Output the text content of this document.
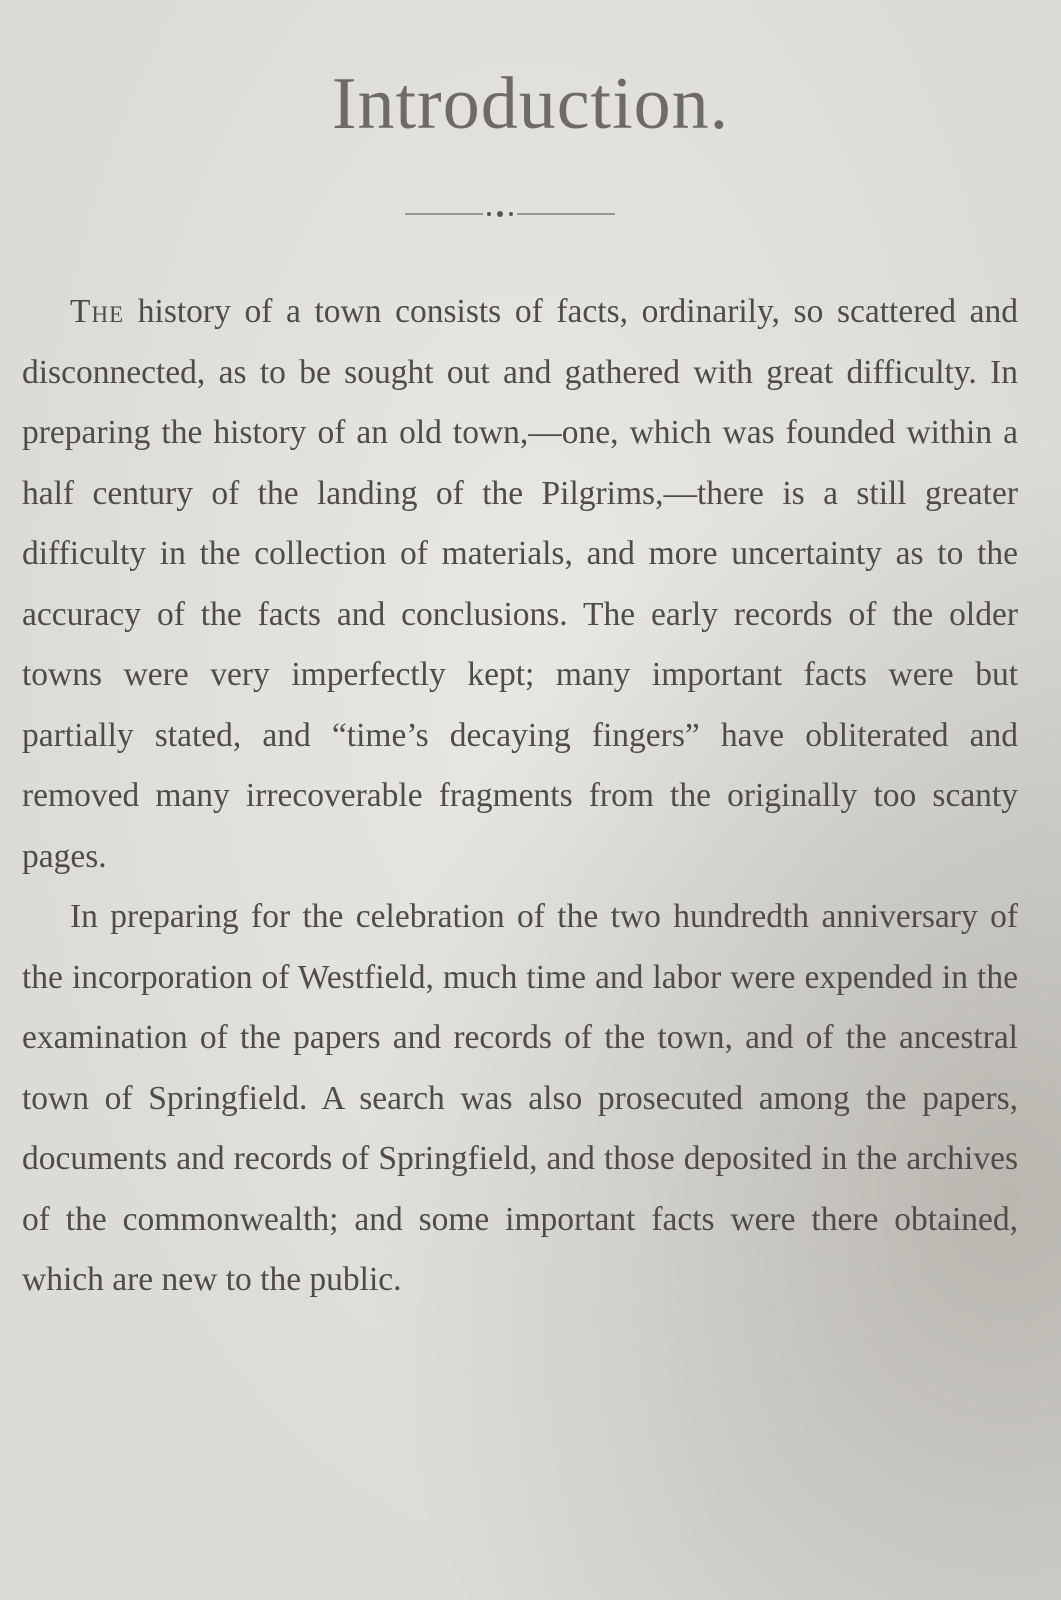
Introduction.

The history of a town consists of facts, ordinarily, so scattered and disconnected, as to be sought out and gathered with great difficulty. In preparing the history of an old town,—one, which was founded within a half century of the landing of the Pilgrims,—there is a still greater difficulty in the collection of materials, and more uncertainty as to the accuracy of the facts and conclusions. The early records of the older towns were very imperfectly kept; many important facts were but partially stated, and “time’s decaying fingers” have obliterated and removed many irrecoverable fragments from the originally too scanty pages.

In preparing for the celebration of the two hundredth anniversary of the incorporation of Westfield, much time and labor were expended in the examination of the papers and records of the town, and of the ancestral town of Springfield. A search was also prosecuted among the papers, documents and records of Springfield, and those deposited in the archives of the commonwealth; and some important facts were there obtained, which are new to the public.
